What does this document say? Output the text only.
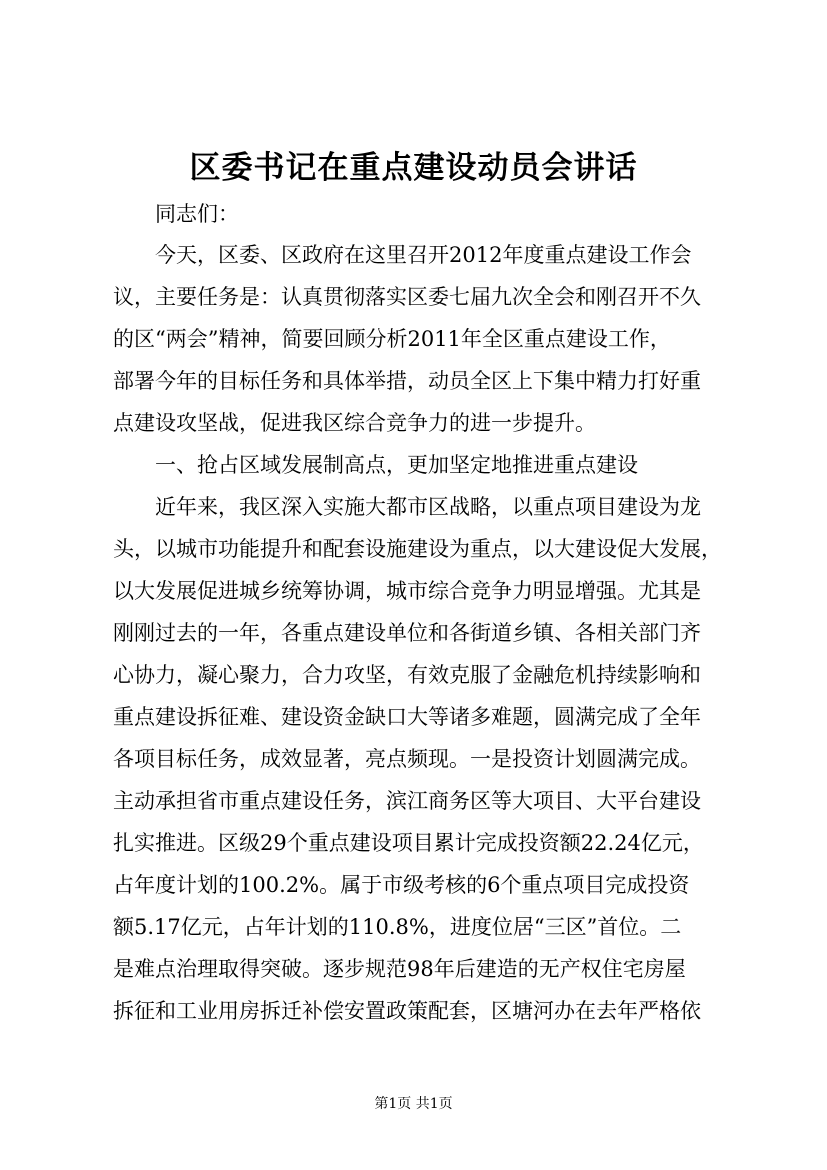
区委书记在重点建设动员会讲话
同志们：
今天，区委、区政府在这里召开2012年度重点建设工作会
议，主要任务是：认真贯彻落实区委七届九次全会和刚召开不久
的区“两会”精神，简要回顾分析2011年全区重点建设工作，
部署今年的目标任务和具体举措，动员全区上下集中精力打好重
点建设攻坚战，促进我区综合竞争力的进一步提升。
一、抢占区域发展制高点，更加坚定地推进重点建设
近年来，我区深入实施大都市区战略，以重点项目建设为龙
头，以城市功能提升和配套设施建设为重点，以大建设促大发展，
以大发展促进城乡统筹协调，城市综合竞争力明显增强。尤其是
刚刚过去的一年，各重点建设单位和各街道乡镇、各相关部门齐
心协力，凝心聚力，合力攻坚，有效克服了金融危机持续影响和
重点建设拆征难、建设资金缺口大等诸多难题，圆满完成了全年
各项目标任务，成效显著，亮点频现。一是投资计划圆满完成。
主动承担省市重点建设任务，滨江商务区等大项目、大平台建设
扎实推进。区级29个重点建设项目累计完成投资额22.24亿元，
占年度计划的100.2%。属于市级考核的6个重点项目完成投资
额5.17亿元，占年计划的110.8%，进度位居“三区”首位。二
是难点治理取得突破。逐步规范98年后建造的无产权住宅房屋
拆征和工业用房拆迁补偿安置政策配套，区塘河办在去年严格依
第1页 共1页
